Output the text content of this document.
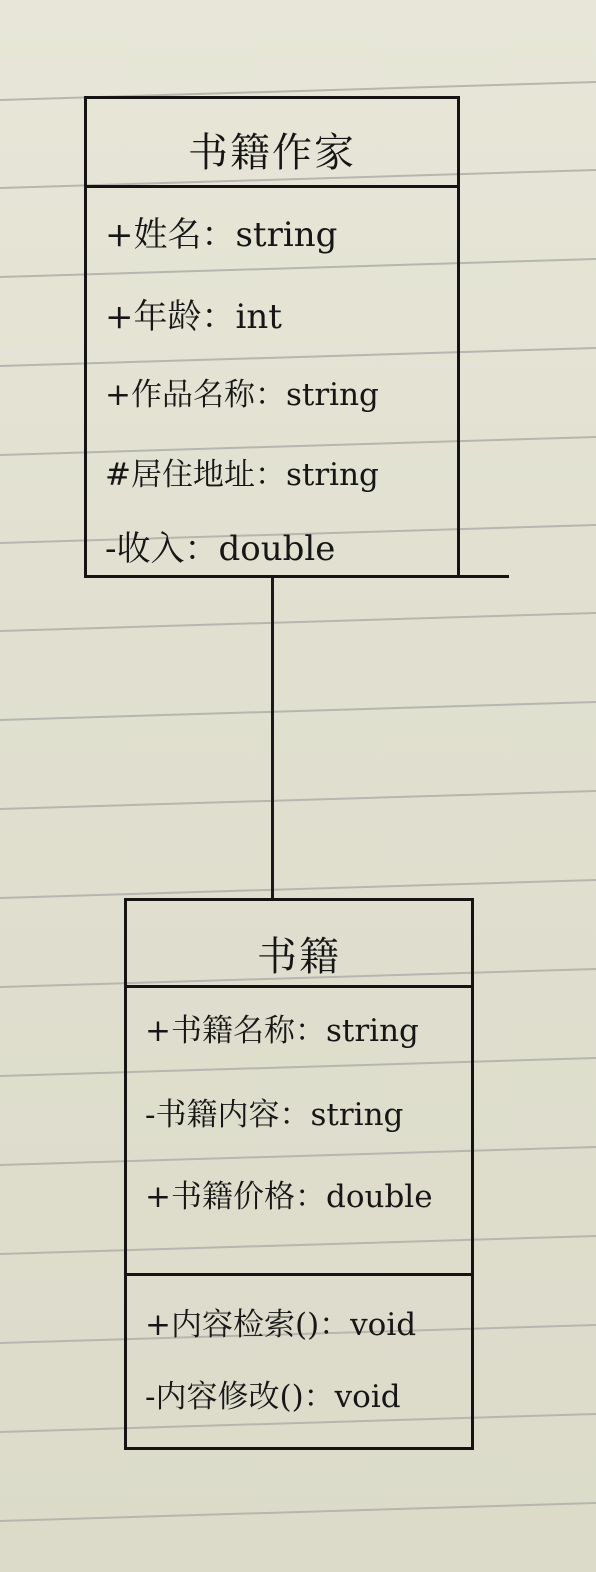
书籍作家
+姓名：string
+年龄：int
+作品名称：string
#居住地址：string
-收入：double
书籍
+书籍名称：string
-书籍内容：string
+书籍价格：double
+内容检索()：void
-内容修改()：void
